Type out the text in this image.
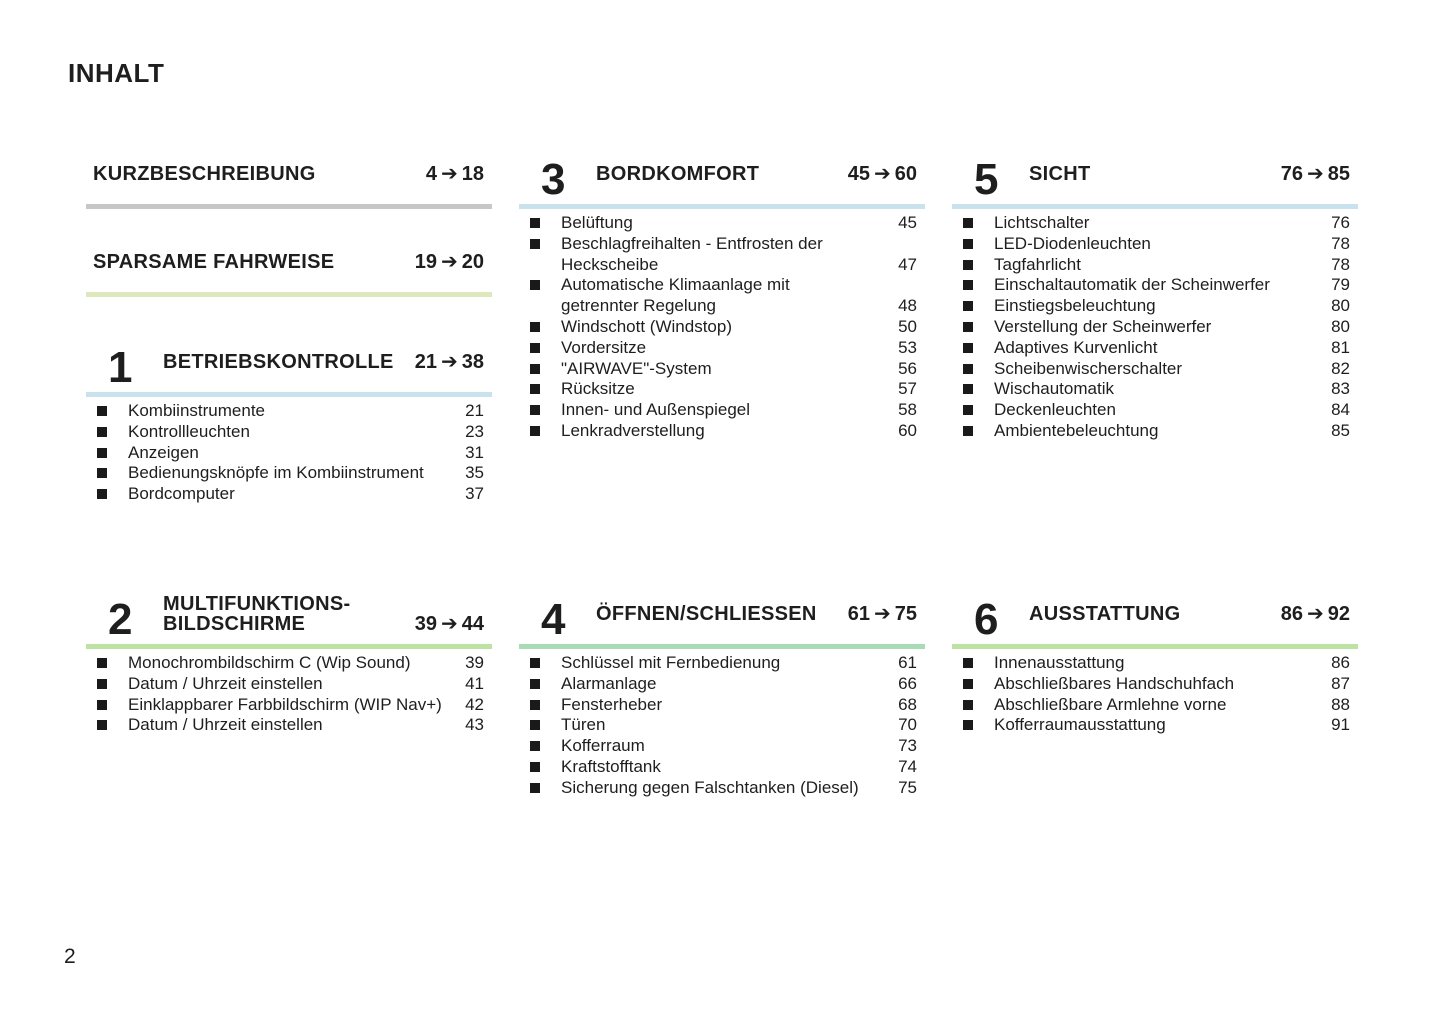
INHALT
KURZBESCHREIBUNG	4 ➔ 18
SPARSAME FAHRWEISE	19 ➔ 20
1 BETRIEBSKONTROLLE 21 ➔ 38
Kombiinstrumente	21
Kontrollleuchten	23
Anzeigen	31
Bedienungsknöpfe im Kombiinstrument 35
Bordcomputer	37
2 MULTIFUNKTIONS-
BILDSCHIRME	39 ➔ 44
Monochrombildschirm C (Wip Sound)	39
Datum / Uhrzeit einstellen	41
Einklappbarer Farbbildschirm (WIP Nav+) 42
Datum / Uhrzeit einstellen	43
3 BORDKOMFORT	45 ➔ 60
Belüftung	45
Beschlagfreihalten - Entfrosten der
Heckscheibe	47
Automatische Klimaanlage mit
getrennter Regelung	48
Windschott (Windstop)	50
Vordersitze	53
"AIRWAVE"-System	56
Rücksitze	57
Innen- und Außenspiegel	58
Lenkradverstellung	60
4 ÖFFNEN/SCHLIESSEN 61 ➔ 75
Schlüssel mit Fernbedienung	61
Alarmanlage	66
Fensterheber	68
Türen	70
Kofferraum	73
Kraftstofftank	74
Sicherung gegen Falschtanken (Diesel) 75
5 SICHT	76 ➔ 85
Lichtschalter	76
LED-Diodenleuchten	78
Tagfahrlicht	78
Einschaltautomatik der Scheinwerfer	79
Einstiegsbeleuchtung	80
Verstellung der Scheinwerfer	80
Adaptives Kurvenlicht	81
Scheibenwischerschalter	82
Wischautomatik	83
Deckenleuchten	84
Ambientebeleuchtung	85
6 AUSSTATTUNG	86 ➔ 92
Innenausstattung	86
Abschließbares Handschuhfach	87
Abschließbare Armlehne vorne	88
Kofferraumausstattung	91
2
